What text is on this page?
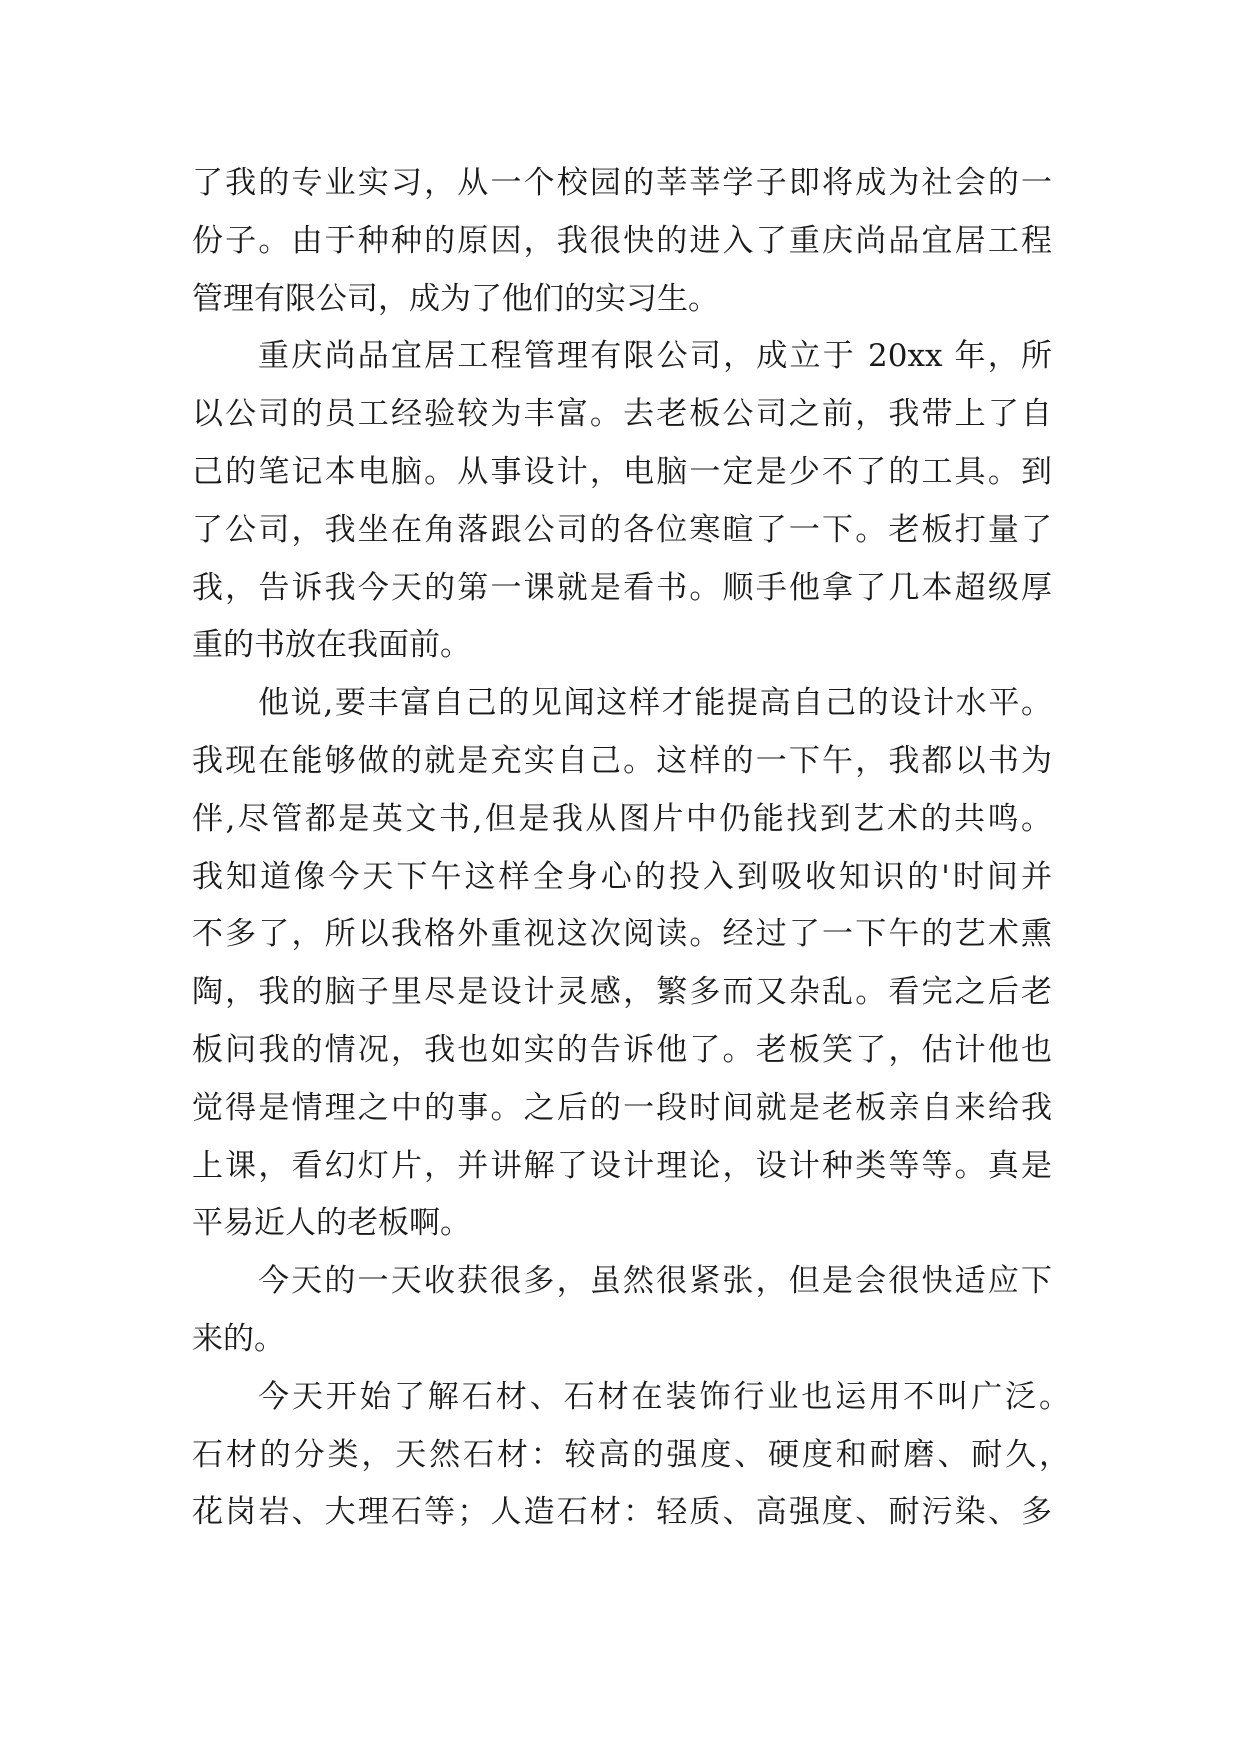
了我的专业实习，从一个校园的莘莘学子即将成为社会的一
份子。由于种种的原因，我很快的进入了重庆尚品宜居工程
管理有限公司，成为了他们的实习生。
重庆尚品宜居工程管理有限公司，成立于 20xx 年，所
以公司的员工经验较为丰富。去老板公司之前，我带上了自
己的笔记本电脑。从事设计，电脑一定是少不了的工具。到
了公司，我坐在角落跟公司的各位寒暄了一下。老板打量了
我，告诉我今天的第一课就是看书。顺手他拿了几本超级厚
重的书放在我面前。
他说,要丰富自己的见闻这样才能提高自己的设计水平。
我现在能够做的就是充实自己。这样的一下午，我都以书为
伴,尽管都是英文书,但是我从图片中仍能找到艺术的共鸣。
我知道像今天下午这样全身心的投入到吸收知识的'时间并
不多了，所以我格外重视这次阅读。经过了一下午的艺术熏
陶，我的脑子里尽是设计灵感，繁多而又杂乱。看完之后老
板问我的情况，我也如实的告诉他了。老板笑了，估计他也
觉得是情理之中的事。之后的一段时间就是老板亲自来给我
上课，看幻灯片，并讲解了设计理论，设计种类等等。真是
平易近人的老板啊。
今天的一天收获很多，虽然很紧张，但是会很快适应下
来的。
今天开始了解石材、石材在装饰行业也运用不叫广泛。
石材的分类，天然石材：较高的强度、硬度和耐磨、耐久，
花岗岩、大理石等；人造石材：轻质、高强度、耐污染、多
